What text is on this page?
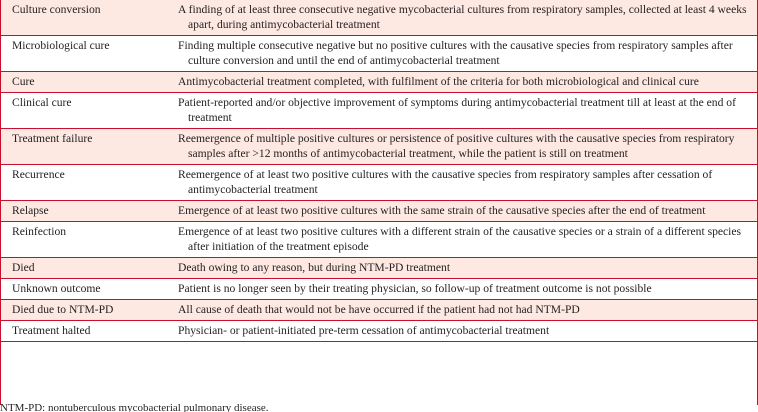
Culture conversion	A finding of at least three consecutive negative mycobacterial cultures from respiratory samples, collected at least 4 weeks apart, during antimycobacterial treatment

Microbiological cure	Finding multiple consecutive negative but no positive cultures with the causative species from respiratory samples after culture conversion and until the end of antimycobacterial treatment

Cure	Antimycobacterial treatment completed, with fulfilment of the criteria for both microbiological and clinical cure

Clinical cure	Patient-reported and/or objective improvement of symptoms during antimycobacterial treatment till at least at the end of treatment

Treatment failure	Reemergence of multiple positive cultures or persistence of positive cultures with the causative species from respiratory samples after >12 months of antimycobacterial treatment, while the patient is still on treatment

Recurrence	Reemergence of at least two positive cultures with the causative species from respiratory samples after cessation of antimycobacterial treatment

Relapse	Emergence of at least two positive cultures with the same strain of the causative species after the end of treatment

Reinfection	Emergence of at least two positive cultures with a different strain of the causative species or a strain of a different species after initiation of the treatment episode

Died	Death owing to any reason, but during NTM-PD treatment

Unknown outcome	Patient is no longer seen by their treating physician, so follow-up of treatment outcome is not possible

Died due to NTM-PD	All cause of death that would not be have occurred if the patient had not had NTM-PD

Treatment halted	Physician- or patient-initiated pre-term cessation of antimycobacterial treatment
NTM-PD: nontuberculous mycobacterial pulmonary disease.
